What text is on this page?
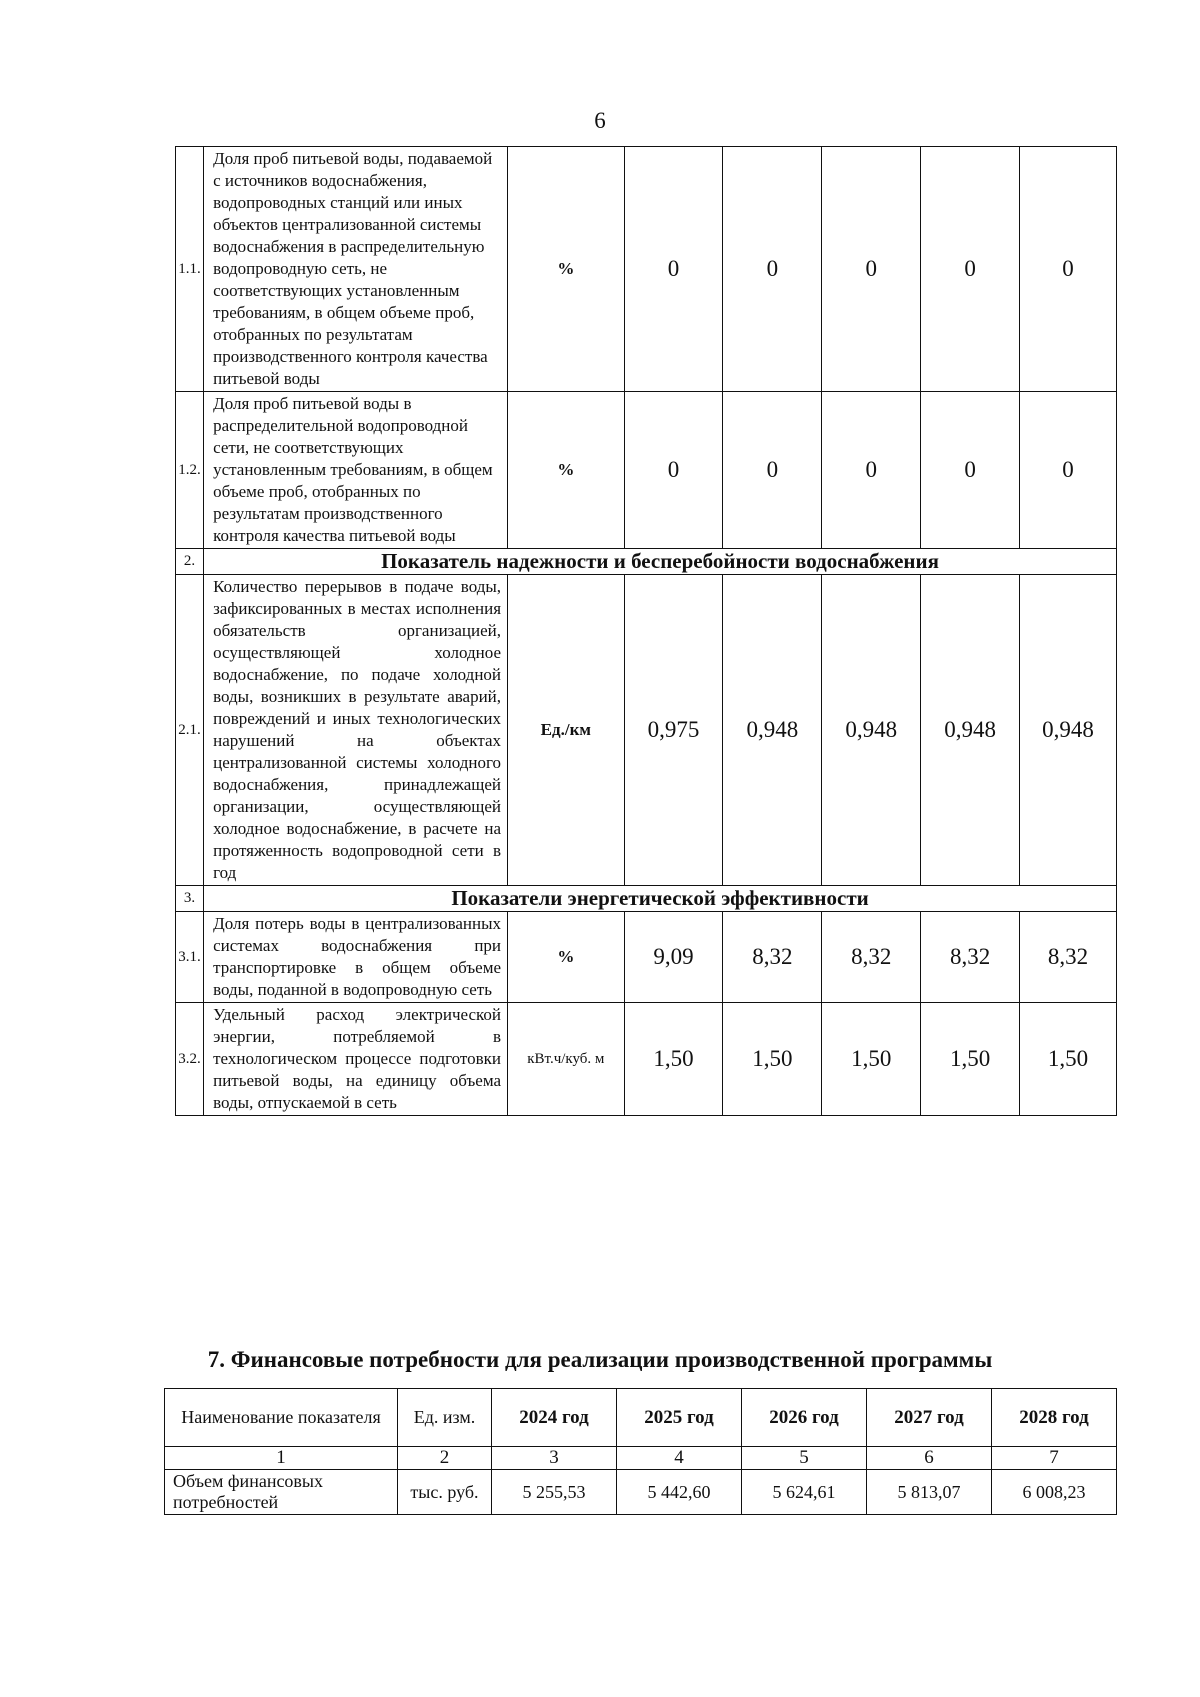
6
1.1.	Доля проб питьевой воды, подаваемой с источников водоснабжения, водопроводных станций или иных объектов централизованной системы водоснабжения в распределительную водопроводную сеть, не соответствующих установленным требованиям, в общем объеме проб, отобранных по результатам производственного контроля качества питьевой воды	%	0	0	0	0	0
1.2.	Доля проб питьевой воды в распределительной водопроводной сети, не соответствующих установленным требованиям, в общем объеме проб, отобранных по результатам производственного контроля качества питьевой воды	%	0	0	0	0	0
2.	Показатель надежности и бесперебойности водоснабжения						
2.1.	Количество перерывов в подаче воды, зафиксированных в местах исполнения обязательств организацией, осуществляющей холодное водоснабжение, по подаче холодной воды, возникших в результате аварий, повреждений и иных технологических нарушений на объектах централизованной системы холодного водоснабжения, принадлежащей организации, осуществляющей холодное водоснабжение, в расчете на протяженность водопроводной сети в год	Ед./км	0,975	0,948	0,948	0,948	0,948
3.	Показатели энергетической эффективности						
3.1.	Доля потерь воды в централизованных системах водоснабжения при транспортировке в общем объеме воды, поданной в водопроводную сеть	%	9,09	8,32	8,32	8,32	8,32
3.2.	Удельный расход электрической энергии, потребляемой в технологическом процессе подготовки питьевой воды, на единицу объема воды, отпускаемой в сеть	кВт.ч/куб. м	1,50	1,50	1,50	1,50	1,50
7. Финансовые потребности для реализации производственной программы
Наименование показателя	Ед. изм.	2024 год	2025 год	2026 год	2027 год	2028 год
1	2	3	4	5	6	7
Объем финансовых потребностей	тыс. руб.	5 255,53	5 442,60	5 624,61	5 813,07	6 008,23
